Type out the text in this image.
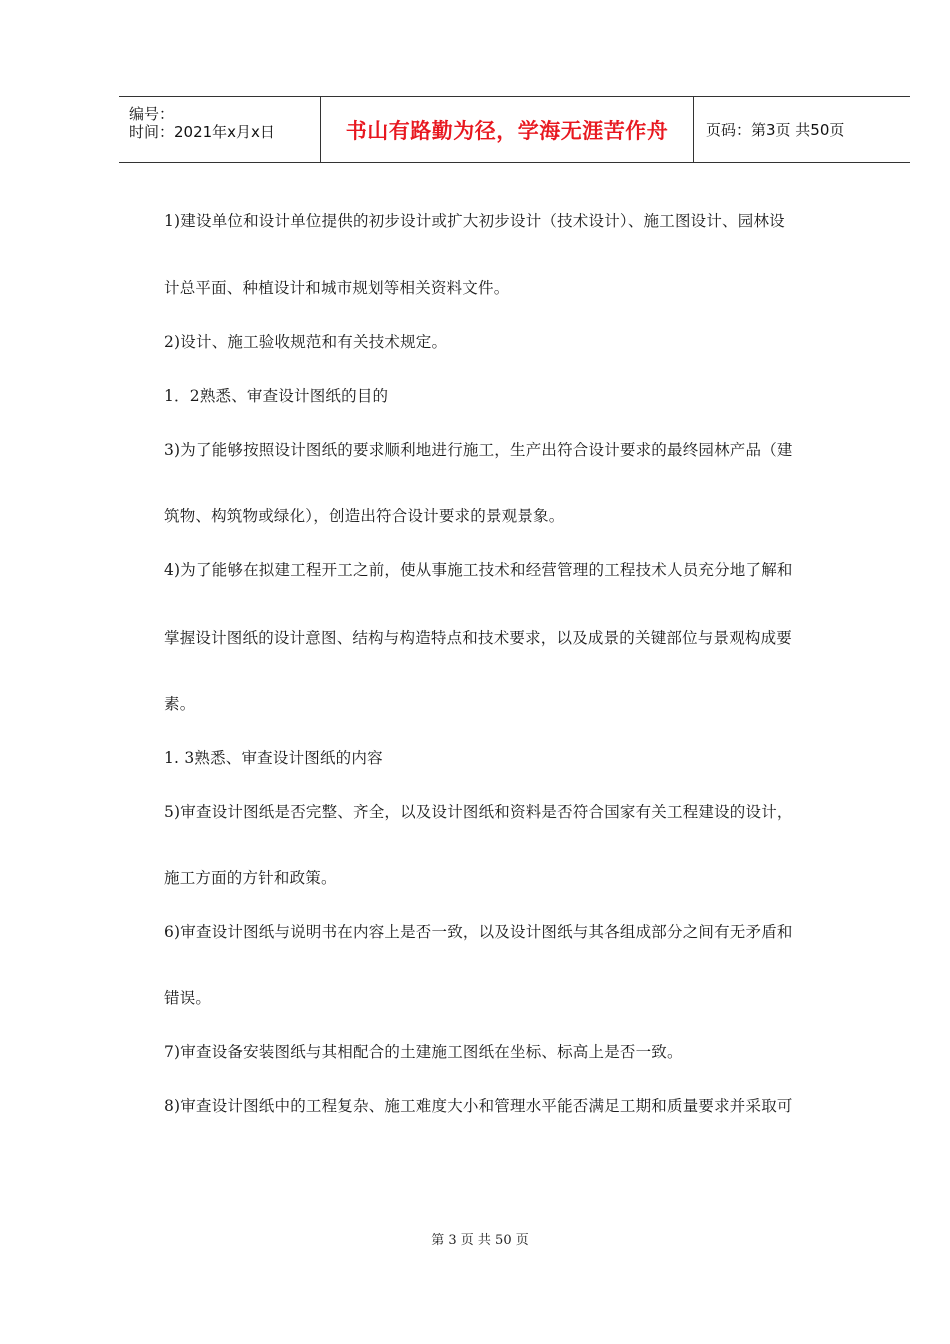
编号：
时间：2021年x月x日	书山有路勤为径，学海无涯苦作舟	页码：第3页 共50页
1)建设单位和设计单位提供的初步设计或扩大初步设计（技术设计）、施工图设计、园林设
计总平面、种植设计和城市规划等相关资料文件。
2)设计、施工验收规范和有关技术规定。
1．2熟悉、审查设计图纸的目的
3)为了能够按照设计图纸的要求顺利地进行施工，生产出符合设计要求的最终园林产品（建
筑物、构筑物或绿化），创造出符合设计要求的景观景象。
4)为了能够在拟建工程开工之前，使从事施工技术和经营管理的工程技术人员充分地了解和
掌握设计图纸的设计意图、结构与构造特点和技术要求，以及成景的关键部位与景观构成要
素。
1. 3熟悉、审查设计图纸的内容
5)审查设计图纸是否完整、齐全，以及设计图纸和资料是否符合国家有关工程建设的设计，
施工方面的方针和政策。
6)审查设计图纸与说明书在内容上是否一致，以及设计图纸与其各组成部分之间有无矛盾和
错误。
7)审查设备安装图纸与其相配合的土建施工图纸在坐标、标高上是否一致。
8)审查设计图纸中的工程复杂、施工难度大小和管理水平能否满足工期和质量要求并采取可
第 3 页 共 50 页
